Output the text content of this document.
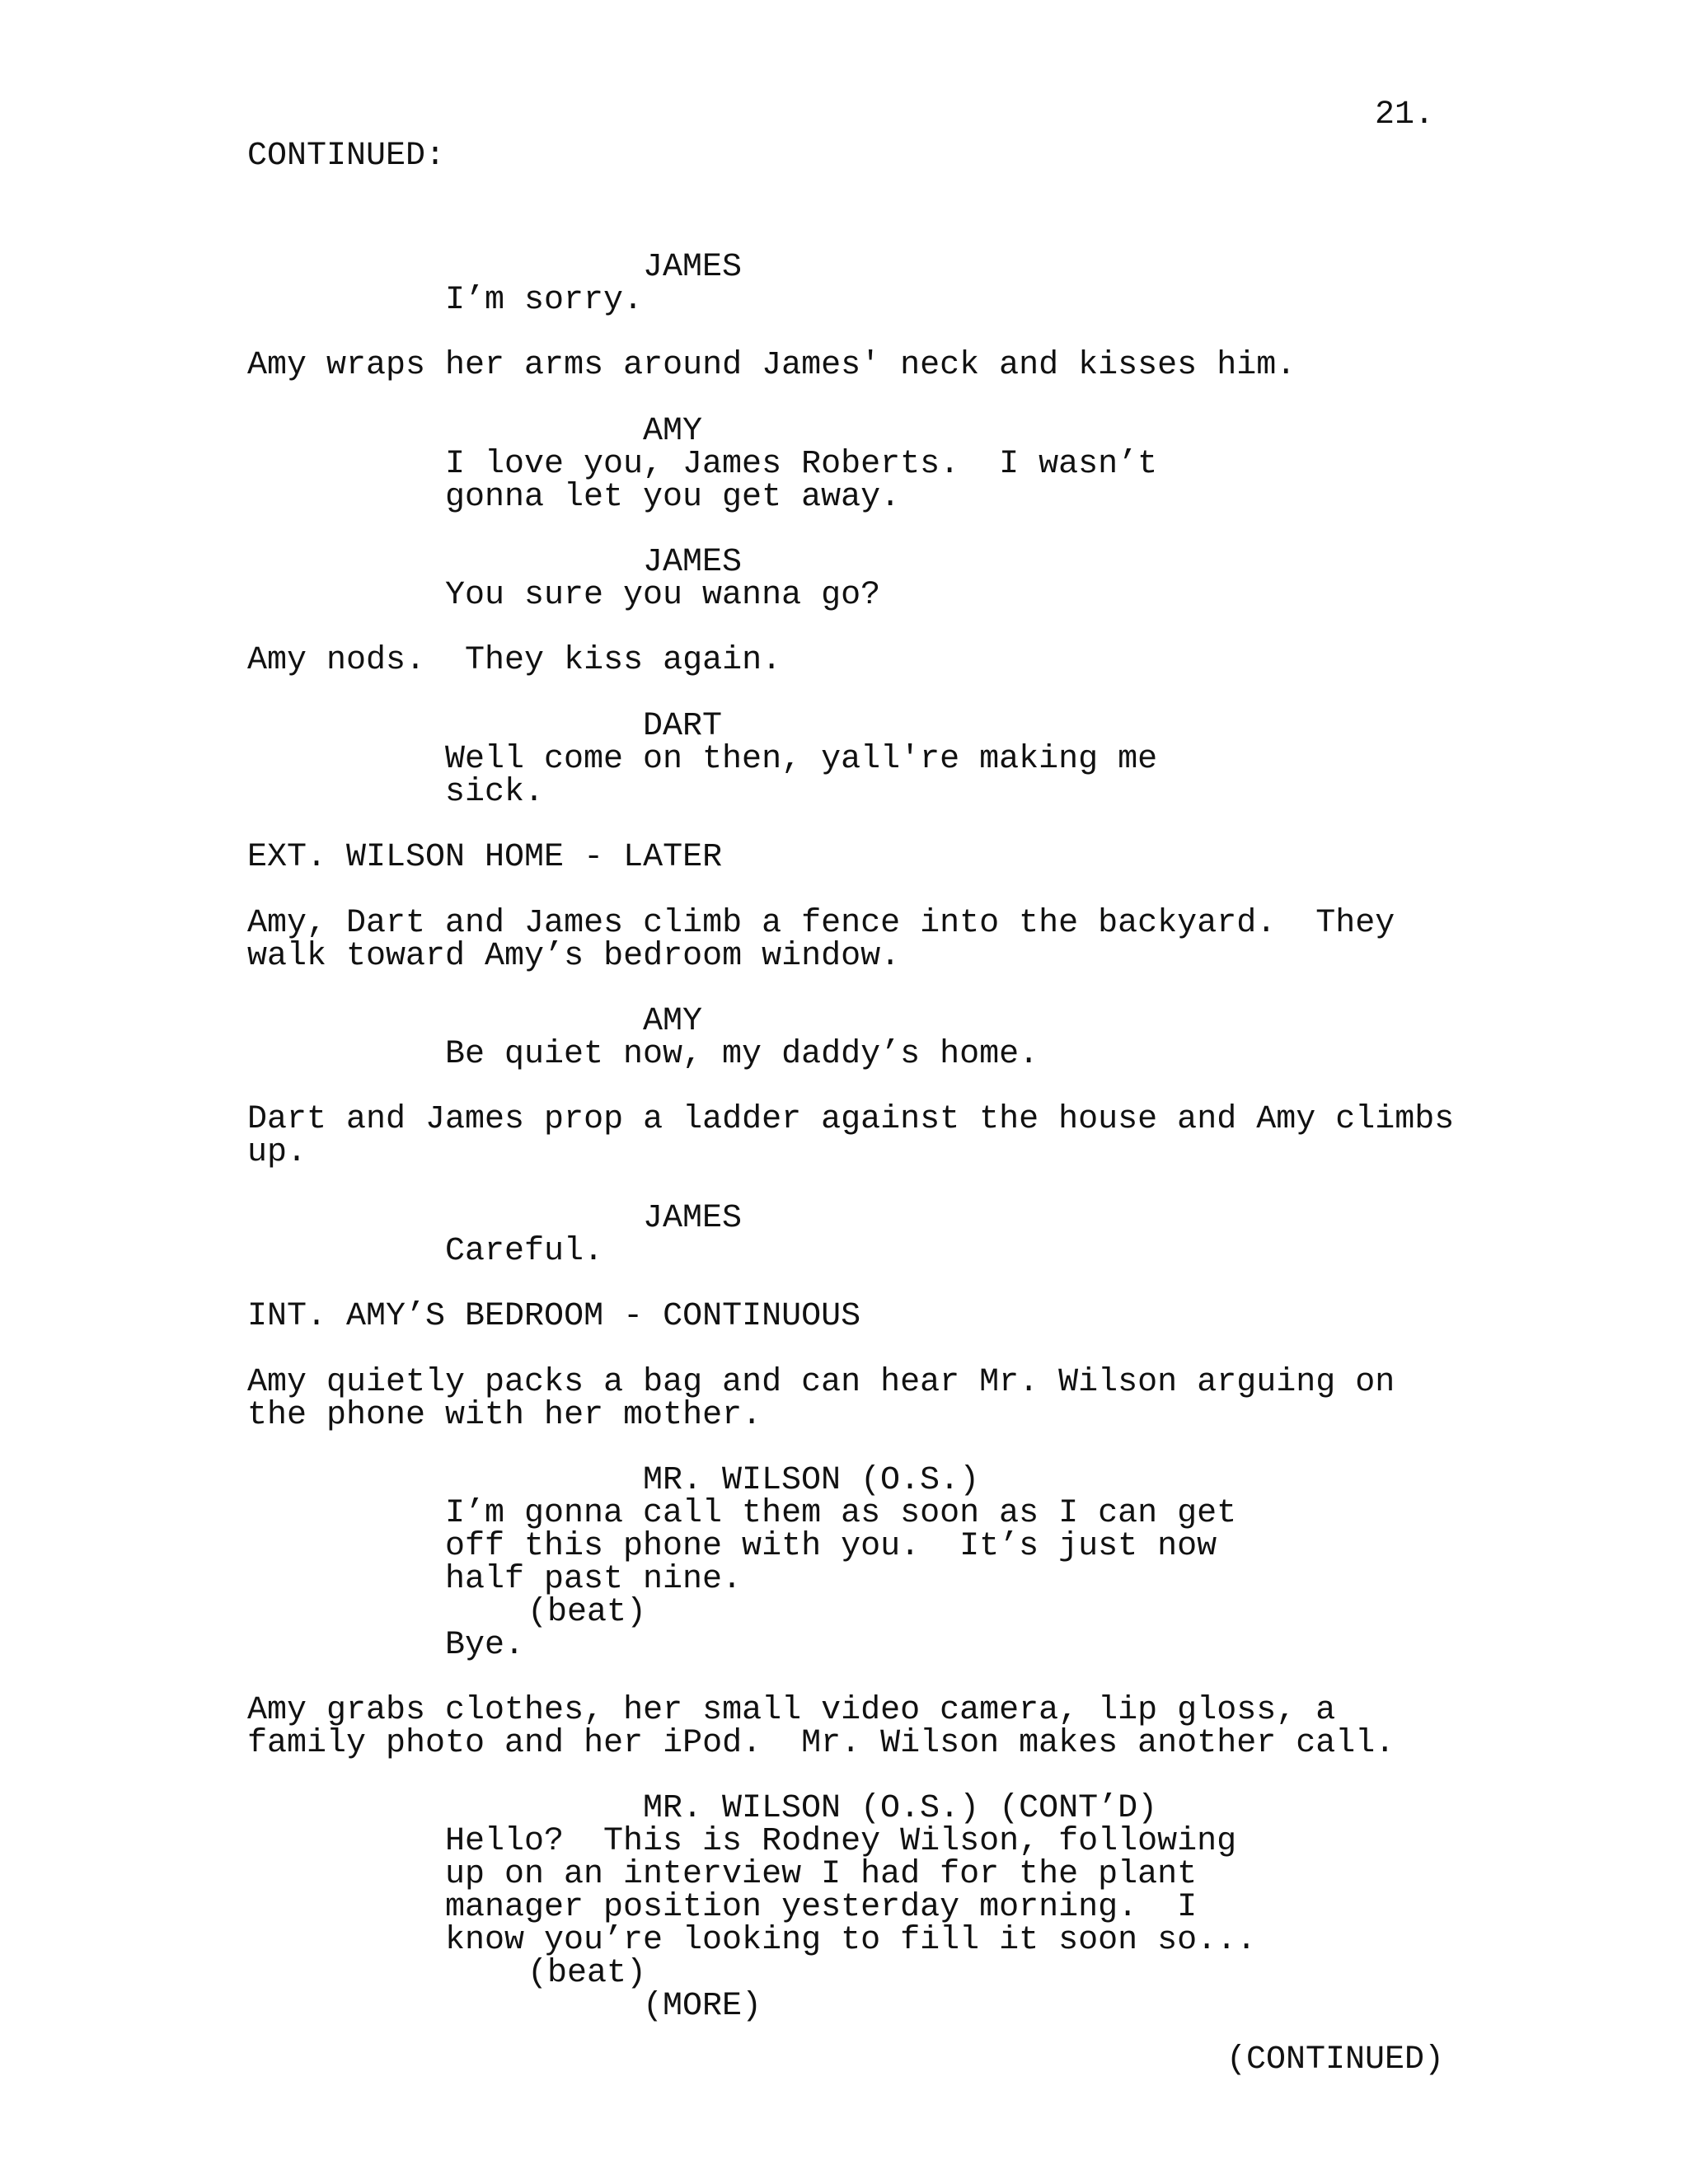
21.
CONTINUED:
JAMES
I’m sorry.
Amy wraps her arms around James' neck and kisses him.
AMY
I love you, James Roberts.  I wasn’t
gonna let you get away.
JAMES
You sure you wanna go?
Amy nods.  They kiss again.
DART
Well come on then, yall're making me
sick.
EXT. WILSON HOME - LATER
Amy, Dart and James climb a fence into the backyard.  They
walk toward Amy’s bedroom window.
AMY
Be quiet now, my daddy’s home.
Dart and James prop a ladder against the house and Amy climbs
up.
JAMES
Careful.
INT. AMY’S BEDROOM - CONTINUOUS
Amy quietly packs a bag and can hear Mr. Wilson arguing on
the phone with her mother.
MR. WILSON (O.S.)
I’m gonna call them as soon as I can get
off this phone with you.  It’s just now
half past nine.
(beat)
Bye.
Amy grabs clothes, her small video camera, lip gloss, a
family photo and her iPod.  Mr. Wilson makes another call.
MR. WILSON (O.S.) (CONT’D)
Hello?  This is Rodney Wilson, following
up on an interview I had for the plant
manager position yesterday morning.  I
know you’re looking to fill it soon so...
(beat)
(MORE)
(CONTINUED)
